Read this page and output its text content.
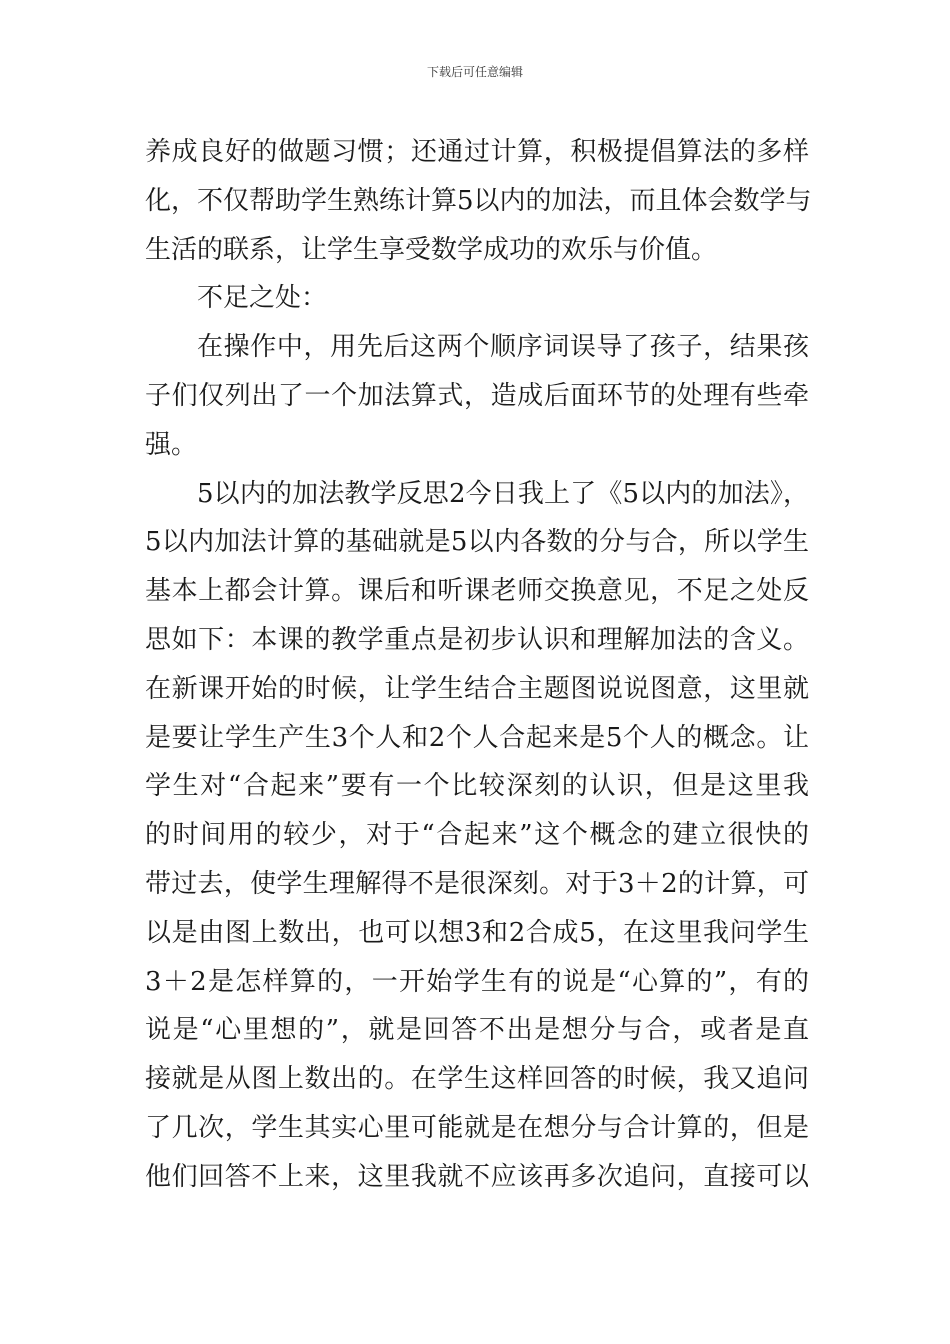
下载后可任意编辑
养成良好的做题习惯；还通过计算，积极提倡算法的多样
化，不仅帮助学生熟练计算5以内的加法，而且体会数学与
生活的联系，让学生享受数学成功的欢乐与价值。
不足之处：
在操作中，用先后这两个顺序词误导了孩子，结果孩
子们仅列出了一个加法算式，造成后面环节的处理有些牵
强。
5以内的加法教学反思2今日我上了《5以内的加法》，
5以内加法计算的基础就是5以内各数的分与合，所以学生
基本上都会计算。课后和听课老师交换意见，不足之处反
思如下：本课的教学重点是初步认识和理解加法的含义。
在新课开始的时候，让学生结合主题图说说图意，这里就
是要让学生产生3个人和2个人合起来是5个人的概念。让
学生对“合起来”要有一个比较深刻的认识，但是这里我
的时间用的较少，对于“合起来”这个概念的建立很快的
带过去，使学生理解得不是很深刻。对于3＋2的计算，可
以是由图上数出，也可以想3和2合成5，在这里我问学生
3＋2是怎样算的，一开始学生有的说是“心算的”，有的
说是“心里想的”，就是回答不出是想分与合，或者是直
接就是从图上数出的。在学生这样回答的时候，我又追问
了几次，学生其实心里可能就是在想分与合计算的，但是
他们回答不上来，这里我就不应该再多次追问，直接可以
